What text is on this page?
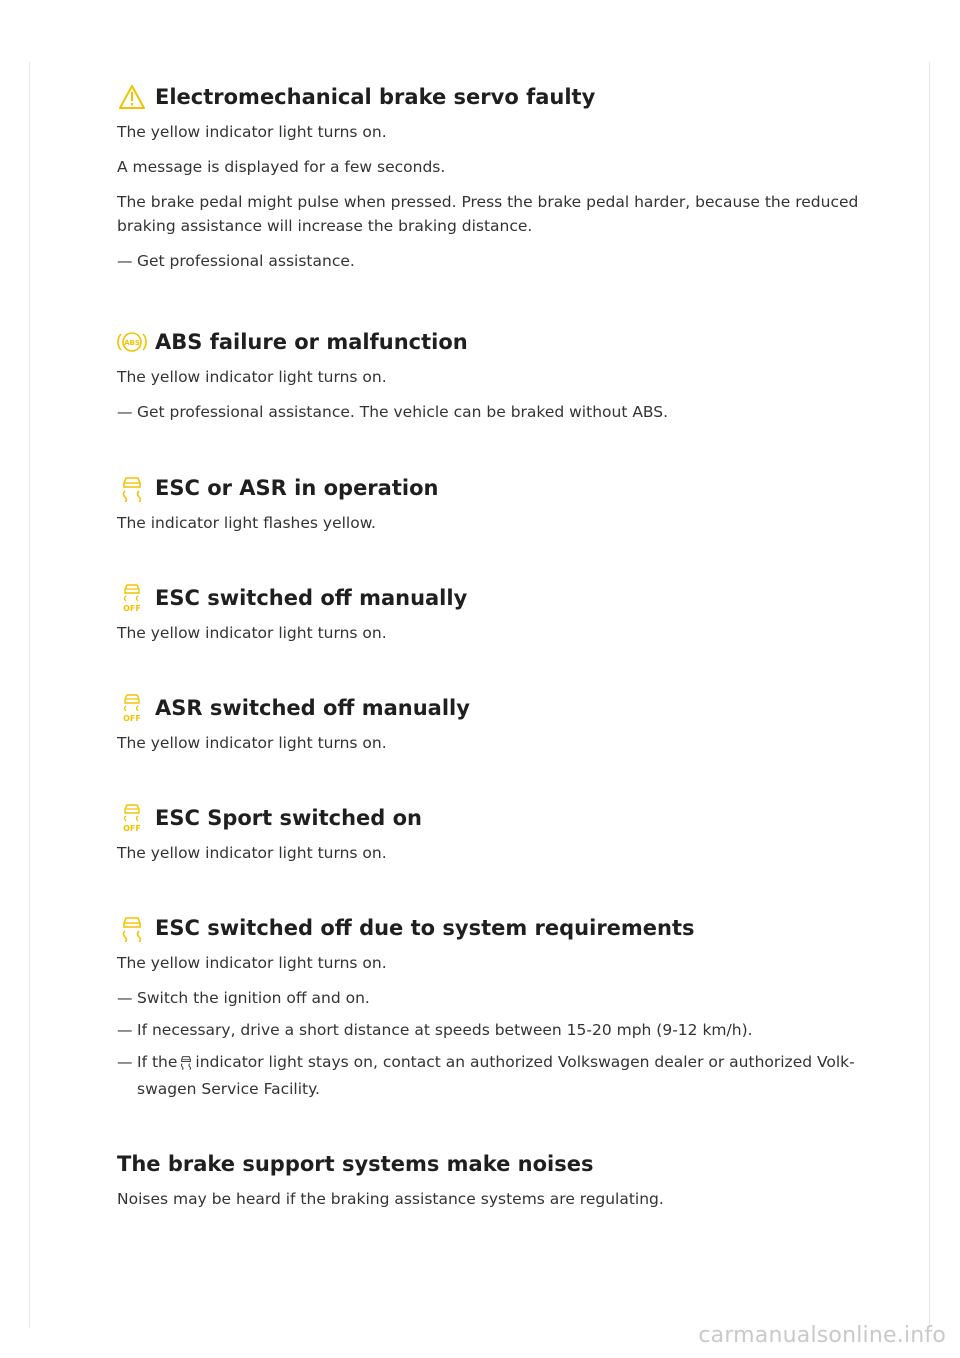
Electromechanical brake servo faulty

The yellow indicator light turns on.

A message is displayed for a few seconds.

The brake pedal might pulse when pressed. Press the brake pedal harder, because the reduced braking assistance will increase the braking distance.

— Get professional assistance.

ABS ABS failure or malfunction

The yellow indicator light turns on.

— Get professional assistance. The vehicle can be braked without ABS.

ESC or ASR in operation

The indicator light flashes yellow.

OFF ESC switched off manually

The yellow indicator light turns on.

OFF ASR switched off manually

The yellow indicator light turns on.

OFF ESC Sport switched on

The yellow indicator light turns on.

ESC switched off due to system requirements

The yellow indicator light turns on.

— Switch the ignition off and on.

— If necessary, drive a short distance at speeds between 15-20 mph (9-12 km/h).

— If the indicator light stays on, contact an authorized Volkswagen dealer or authorized Volk-swagen Service Facility.

The brake support systems make noises

Noises may be heard if the braking assistance systems are regulating.

carmanualsonline.info
